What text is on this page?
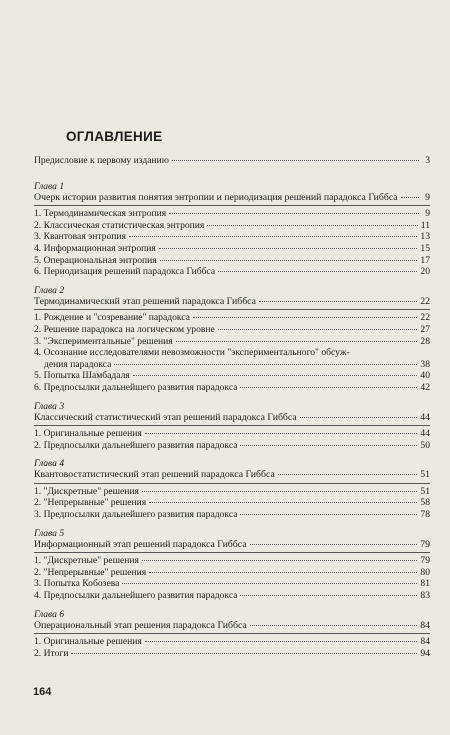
ОГЛАВЛЕНИЕ
Предисловие к первому изданию	3
Глава 1
Очерк истории развития понятия энтропии и периодизация решений парадокса Гиббса	9
1. Термодинамическая энтропия	9
2. Классическая статистическая энтропия	11
3. Квантовая энтропия	13
4. Информационная энтропия	15
5. Операциональная энтропия	17
6. Периодизация решений парадокса Гиббса	20
Глава 2
Термодинамический этап решений парадокса Гиббса	22
1. Рождение и "созревание" парадокса	22
2. Решение парадокса на логическом уровне	27
3. "Экспериментальные" решения	28
4. Осознание исследователями невозможности "экспериментального" обсуж-
дения парадокса	38
5. Попытка Шамбадаля	40
6. Предпосылки дальнейшего развития парадокса	42
Глава 3
Классический статистический этап решений парадокса Гиббса	44
1. Оригинальные решения	44
2. Предпосылки дальнейшего развития парадокса	50
Глава 4
Квантовостатистический этап решений парадокса Гиббса	51
1. "Дискретные" решения	51
2. "Непрерывные" решения	58
3. Предпосылки дальнейшего развития парадокса	78
Глава 5
Информационный этап решений парадокса Гиббса	79
1. "Дискретные" решения	79
2. "Непрерывные" решения	80
3. Попытка Кобозева	81
4. Предпосылки дальнейшего развития парадокса	83
Глава 6
Операциональный этап решения парадокса Гиббса	84
1. Оригинальные решения	84
2. Итоги	94
164
